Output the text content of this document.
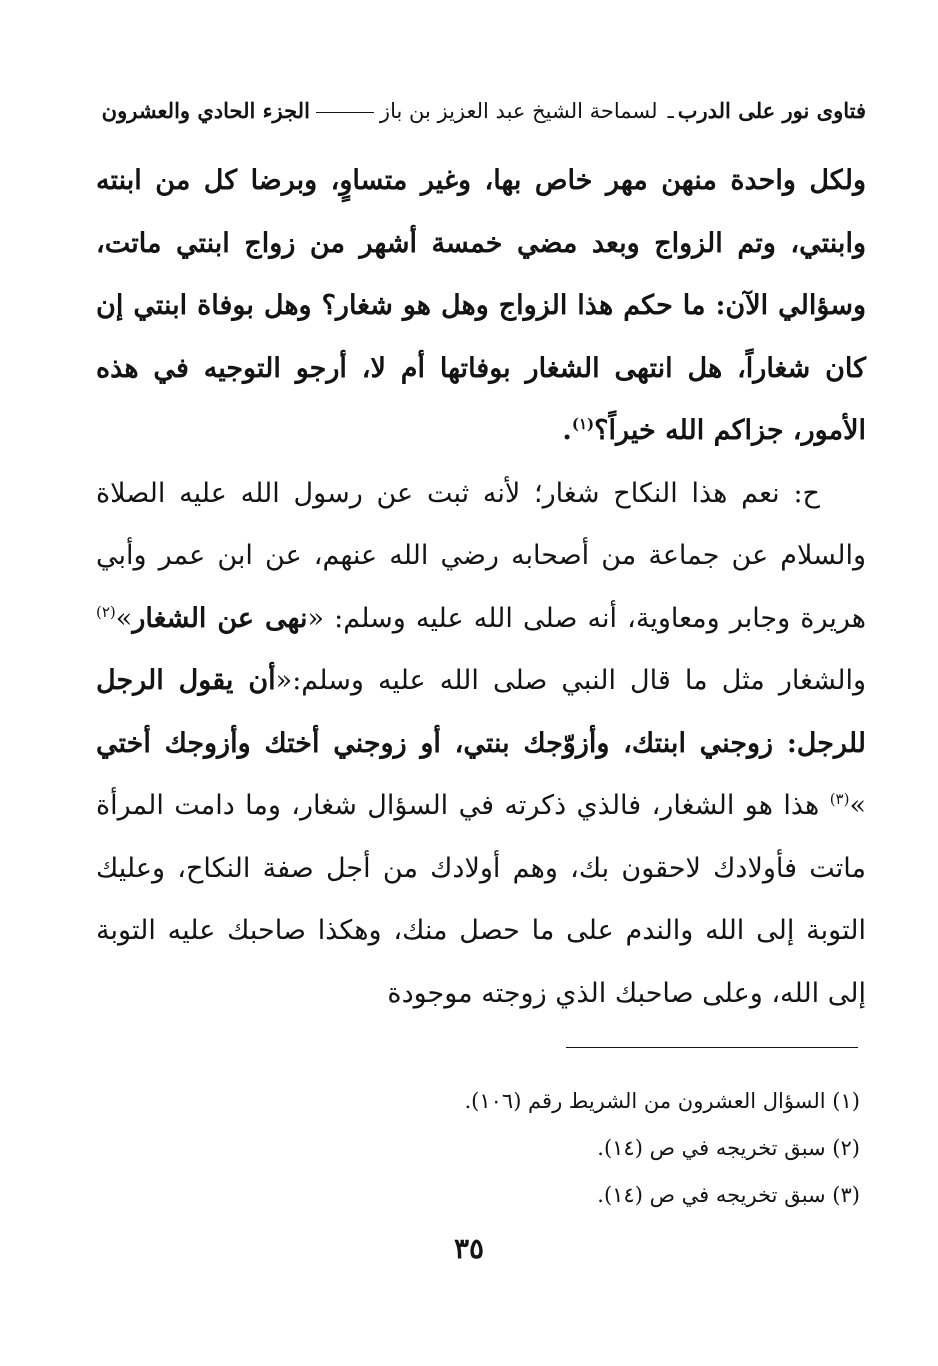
فتاوى نور على الدرب
ـ
لسماحة الشيخ عبد العزيز بن باز
الجزء الحادي والعشرون

ولكل واحدة منهن مهر خاص بها، وغير متساوٍ، وبرضا كل من ابنته وابنتي، وتم الزواج وبعد مضي خمسة أشهر من زواج ابنتي ماتت، وسؤالي الآن: ما حكم هذا الزواج وهل هو شغار؟ وهل بوفاة ابنتي إن كان شغاراً، هل انتهى الشغار بوفاتها أم لا، أرجو التوجيه في هذه الأمور، جزاكم الله خيراً؟$^{(١)}$.

ح: نعم هذا النكاح شغار؛ لأنه ثبت عن رسول الله عليه الصلاة والسلام عن جماعة من أصحابه رضي الله عنهم، عن ابن عمر وأبي هريرة وجابر ومعاوية، أنه صلى الله عليه وسلم: «نهى عن الشغار»$^{(٢)}$ والشغار مثل ما قال النبي صلى الله عليه وسلم:«أن يقول الرجل للرجل: زوجني ابنتك، وأزوّجك بنتي، أو زوجني أختك وأزوجك أختي »$^{(٣)}$ هذا هو الشغار، فالذي ذكرته في السؤال شغار، وما دامت المرأة ماتت فأولادك لاحقون بك، وهم أولادك من أجل صفة النكاح، وعليك التوبة إلى الله والندم على ما حصل منك، وهكذا صاحبك عليه التوبة إلى الله، وعلى صاحبك الذي زوجته موجودة

(١) السؤال العشرون من الشريط رقم (١٠٦).
(٢) سبق تخريجه في ص (١٤).
(٣) سبق تخريجه في ص (١٤).
٣٥
